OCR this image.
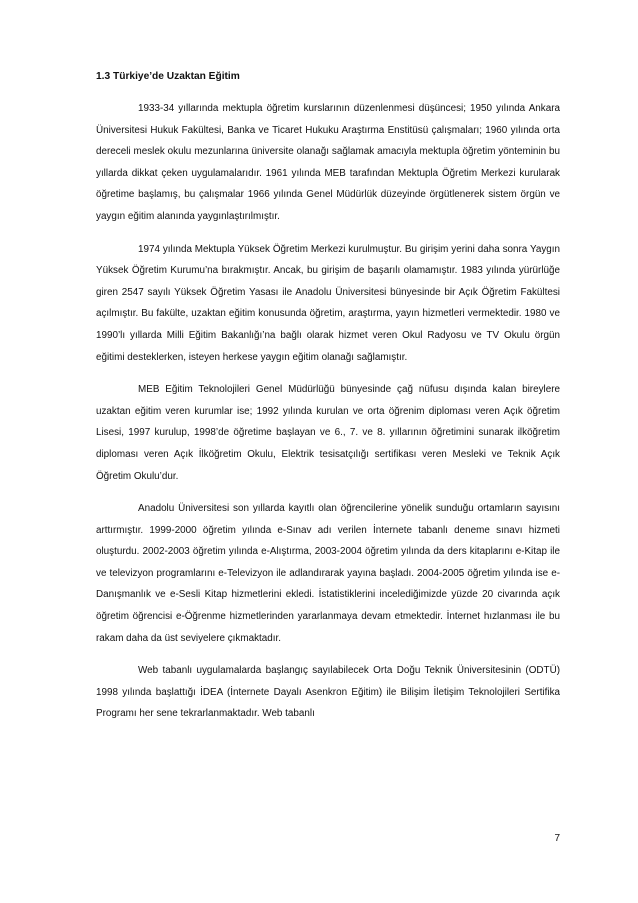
1.3 Türkiye’de Uzaktan Eğitim

1933-34 yıllarında mektupla öğretim kurslarının düzenlenmesi düşüncesi; 1950 yılında Ankara Üniversitesi Hukuk Fakültesi, Banka ve Ticaret Hukuku Araştırma Enstitüsü çalışmaları; 1960 yılında orta dereceli meslek okulu mezunlarına üniversite olanağı sağlamak amacıyla mektupla öğretim yönteminin bu yıllarda dikkat çeken uygulamalarıdır. 1961 yılında MEB tarafından Mektupla Öğretim Merkezi kurularak öğretime başlamış, bu çalışmalar 1966 yılında Genel Müdürlük düzeyinde örgütlenerek sistem örgün ve yaygın eğitim alanında yaygınlaştırılmıştır.

1974 yılında Mektupla Yüksek Öğretim Merkezi kurulmuştur. Bu girişim yerini daha sonra Yaygın Yüksek Öğretim Kurumu’na bırakmıştır. Ancak, bu girişim de başarılı olamamıştır. 1983 yılında yürürlüğe giren 2547 sayılı Yüksek Öğretim Yasası ile Anadolu Üniversitesi bünyesinde bir Açık Öğretim Fakültesi açılmıştır. Bu fakülte, uzaktan eğitim konusunda öğretim, araştırma, yayın hizmetleri vermektedir. 1980 ve 1990’lı yıllarda Milli Eğitim Bakanlığı’na bağlı olarak hizmet veren Okul Radyosu ve TV Okulu örgün eğitimi desteklerken, isteyen herkese yaygın eğitim olanağı sağlamıştır.

MEB Eğitim Teknolojileri Genel Müdürlüğü bünyesinde çağ nüfusu dışında kalan bireylere uzaktan eğitim veren kurumlar ise; 1992 yılında kurulan ve orta öğrenim diploması veren Açık öğretim Lisesi, 1997 kurulup, 1998’de öğretime başlayan ve 6., 7. ve 8. yıllarının öğretimini sunarak ilköğretim diploması veren Açık İlköğretim Okulu, Elektrik tesisatçılığı sertifikası veren Mesleki ve Teknik Açık Öğretim Okulu’dur.

Anadolu Üniversitesi son yıllarda kayıtlı olan öğrencilerine yönelik sunduğu ortamların sayısını arttırmıştır. 1999-2000 öğretim yılında e-Sınav adı verilen İnternete tabanlı deneme sınavı hizmeti oluşturdu. 2002-2003 öğretim yılında e-Alıştırma, 2003-2004 öğretim yılında da ders kitaplarını e-Kitap ile ve televizyon programlarını e-Televizyon ile adlandırarak yayına başladı. 2004-2005 öğretim yılında ise e-Danışmanlık ve e-Sesli Kitap hizmetlerini ekledi. İstatistiklerini incelediğimizde yüzde 20 civarında açık öğretim öğrencisi e-Öğrenme hizmetlerinden yararlanmaya devam etmektedir. İnternet hızlanması ile bu rakam daha da üst seviyelere çıkmaktadır.

Web tabanlı uygulamalarda başlangıç sayılabilecek Orta Doğu Teknik Üniversitesinin (ODTÜ) 1998 yılında başlattığı İDEA (İnternete Dayalı Asenkron Eğitim) ile Bilişim İletişim Teknolojileri Sertifika Programı her sene tekrarlanmaktadır. Web tabanlı

7
